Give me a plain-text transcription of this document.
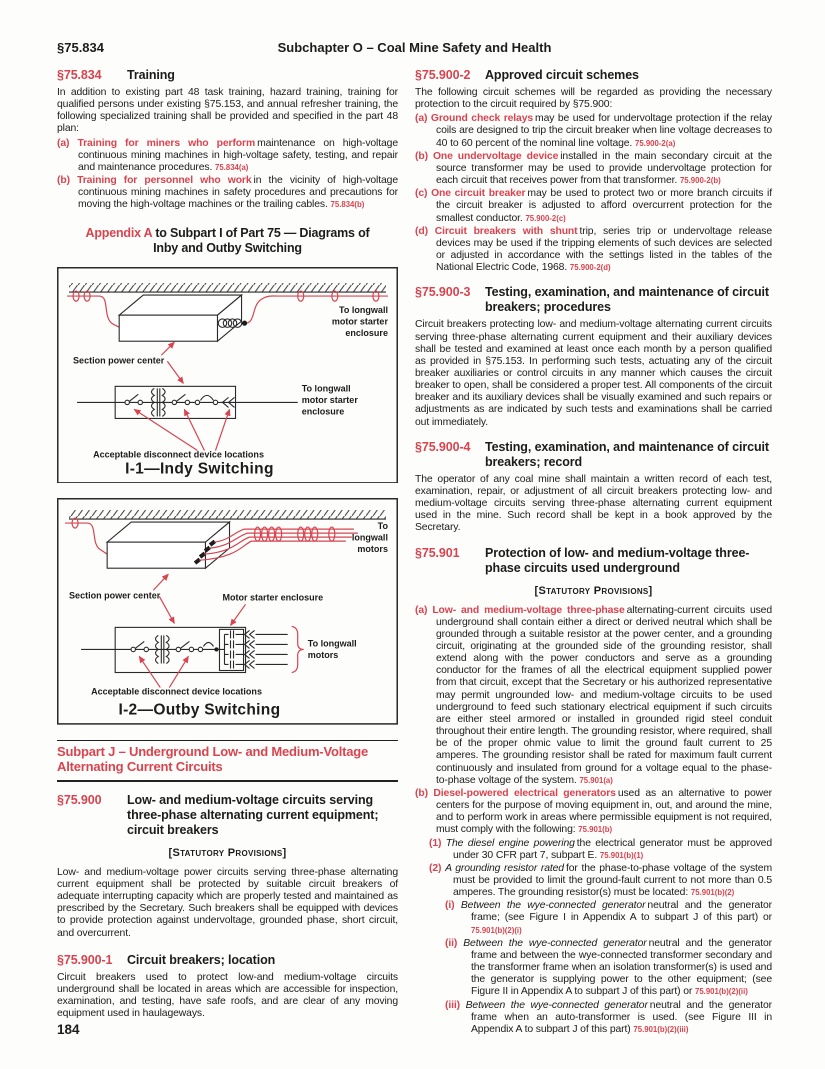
§75.834	Subchapter O – Coal Mine Safety and Health
§75.834 Training

In addition to existing part 48 task training, hazard training, training for qualified persons under existing §75.153, and annual refresher training, the following specialized training shall be provided and specified in the part 48 plan:

(a) Training for miners who perform maintenance on high-voltage continuous mining machines in high-voltage safety, testing, and repair and maintenance procedures. 75.834(a)
(b) Training for personnel who work in the vicinity of high-voltage continuous mining machines in safety procedures and precautions for moving the high-voltage machines or the trailing cables. 75.834(b)
Appendix A to Subpart I of Part 75 — Diagrams of Inby and Outby Switching
To longwall motor starter enclosure
Section power center
To longwall motor starter enclosure
Acceptable disconnect device locations
I-1—Indy Switching
To longwall motors
Section power center	Motor starter enclosure
To longwall motors
Acceptable disconnect device locations
I-2—Outby Switching
Subpart J – Underground Low- and Medium-Voltage Alternating Current Circuits
§75.900 Low- and medium-voltage circuits serving three-phase alternating current equipment; circuit breakers
[Statutory Provisions]

Low- and medium-voltage power circuits serving three-phase alternating current equipment shall be protected by suitable circuit breakers of adequate interrupting capacity which are properly tested and maintained as prescribed by the Secretary. Such breakers shall be equipped with devices to provide protection against undervoltage, grounded phase, short circuit, and overcurrent.

§75.900-1 Circuit breakers; location

Circuit breakers used to protect low-and medium-voltage circuits underground shall be located in areas which are accessible for inspection, examination, and testing, have safe roofs, and are clear of any moving equipment used in haulageways.

§75.900-2 Approved circuit schemes

The following circuit schemes will be regarded as providing the necessary protection to the circuit required by §75.900:

(a) Ground check relays may be used for undervoltage protection if the relay coils are designed to trip the circuit breaker when line voltage decreases to 40 to 60 percent of the nominal line voltage. 75.900-2(a)
(b) One undervoltage device installed in the main secondary circuit at the source transformer may be used to provide undervoltage protection for each circuit that receives power from that transformer. 75.900-2(b)
(c) One circuit breaker may be used to protect two or more branch circuits if the circuit breaker is adjusted to afford overcurrent protection for the smallest conductor. 75.900-2(c)
(d) Circuit breakers with shunt trip, series trip or undervoltage release devices may be used if the tripping elements of such devices are selected or adjusted in accordance with the settings listed in the tables of the National Electric Code, 1968. 75.900-2(d)
§75.900-3 Testing, examination, and maintenance of circuit breakers; procedures

Circuit breakers protecting low- and medium-voltage alternating current circuits serving three-phase alternating current equipment and their auxiliary devices shall be tested and examined at least once each month by a person qualified as provided in §75.153. In performing such tests, actuating any of the circuit breaker auxiliaries or control circuits in any manner which causes the circuit breaker to open, shall be considered a proper test. All components of the circuit breaker and its auxiliary devices shall be visually examined and such repairs or adjustments as are indicated by such tests and examinations shall be carried out immediately.

§75.900-4 Testing, examination, and maintenance of circuit breakers; record

The operator of any coal mine shall maintain a written record of each test, examination, repair, or adjustment of all circuit breakers protecting low- and medium-voltage circuits serving three-phase alternating current equipment used in the mine. Such record shall be kept in a book approved by the Secretary.

§75.901 Protection of low- and medium-voltage three-phase circuits used underground
[Statutory Provisions]
(a) Low- and medium-voltage three-phase alternating-current circuits used underground shall contain either a direct or derived neutral which shall be grounded through a suitable resistor at the power center, and a grounding circuit, originating at the grounded side of the grounding resistor, shall extend along with the power conductors and serve as a grounding conductor for the frames of all the electrical equipment supplied power from that circuit, except that the Secretary or his authorized representative may permit ungrounded low- and medium-voltage circuits to be used underground to feed such stationary electrical equipment if such circuits are either steel armored or installed in grounded rigid steel conduit throughout their entire length. The grounding resistor, where required, shall be of the proper ohmic value to limit the ground fault current to 25 amperes. The grounding resistor shall be rated for maximum fault current continuously and insulated from ground for a voltage equal to the phase-to-phase voltage of the system. 75.901(a)
(b) Diesel-powered electrical generators used as an alternative to power centers for the purpose of moving equipment in, out, and around the mine, and to perform work in areas where permissible equipment is not required, must comply with the following: 75.901(b)
(1) The diesel engine powering the electrical generator must be approved under 30 CFR part 7, subpart E. 75.901(b)(1)
(2) A grounding resistor rated for the phase-to-phase voltage of the system must be provided to limit the ground-fault current to not more than 0.5 amperes. The grounding resistor(s) must be located: 75.901(b)(2)
(i) Between the wye-connected generator neutral and the generator frame; (see Figure I in Appendix A to subpart J of this part) or 75.901(b)(2)(i)
(ii) Between the wye-connected generator neutral and the generator frame and between the wye-connected transformer secondary and the transformer frame when an isolation transformer(s) is used and the generator is supplying power to the other equipment; (see Figure II in Appendix A to subpart J of this part) or 75.901(b)(2)(ii)
(iii) Between the wye-connected generator neutral and the generator frame when an auto-transformer is used. (see Figure III in Appendix A to subpart J of this part) 75.901(b)(2)(iii)
184
